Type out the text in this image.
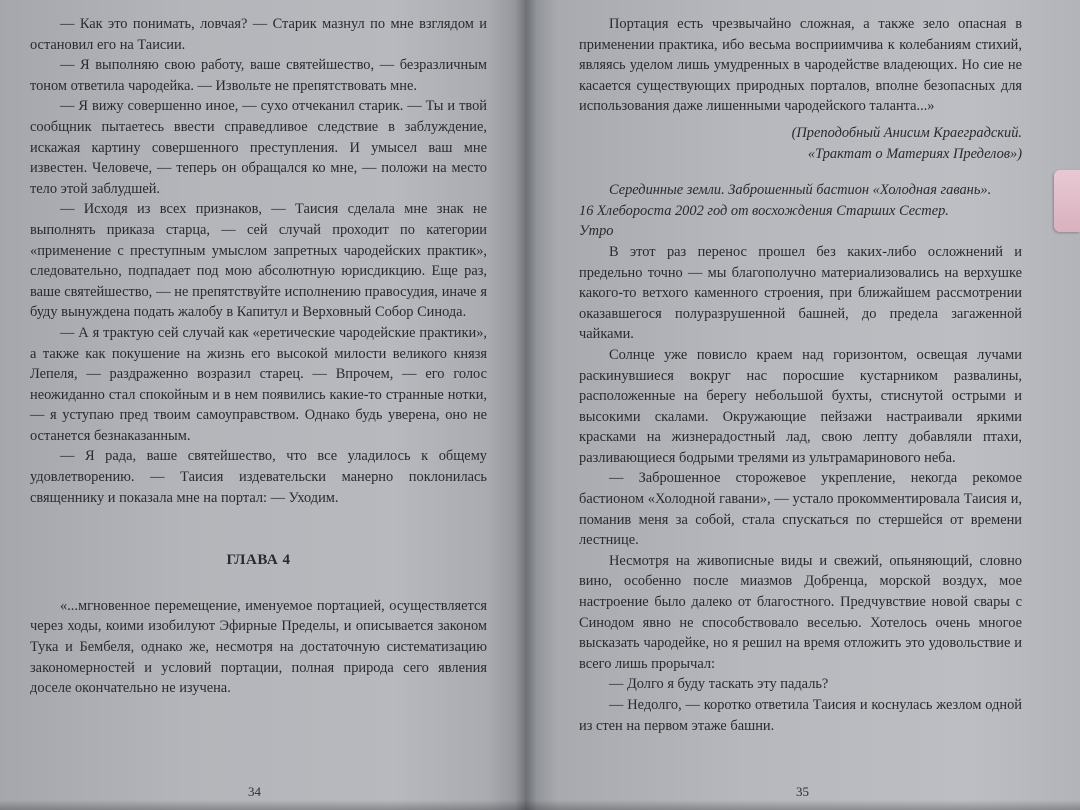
— Как это понимать, ловчая? — Старик мазнул по мне взглядом и остановил его на Таисии.

— Я выполняю свою работу, ваше святейшество, — безразличным тоном ответила чародейка. — Извольте не препятствовать мне.

— Я вижу совершенно иное, — сухо отчеканил старик. — Ты и твой сообщник пытаетесь ввести справедливое следствие в заблуждение, искажая картину совершенного преступления. И умысел ваш мне известен. Человече, — теперь он обращался ко мне, — положи на место тело этой заблудшей.

— Исходя из всех признаков, — Таисия сделала мне знак не выполнять приказа старца, — сей случай проходит по категории «применение с преступным умыслом запретных чародейских практик», следовательно, подпадает под мою абсолютную юрисдикцию. Еще раз, ваше святейшество, — не препятствуйте исполнению правосудия, иначе я буду вынуждена подать жалобу в Капитул и Верховный Собор Синода.

— А я трактую сей случай как «еретические чародейские практики», а также как покушение на жизнь его высокой милости великого князя Лепеля, — раздраженно возразил старец. — Впрочем, — его голос неожиданно стал спокойным и в нем появились какие-то странные нотки, — я уступаю пред твоим самоуправством. Однако будь уверена, оно не останется безнаказанным.

— Я рада, ваше святейшество, что все уладилось к общему удовлетворению. — Таисия издевательски манерно поклонилась священнику и показала мне на портал: — Уходим.

ГЛАВА 4

«...мгновенное перемещение, именуемое портацией, осуществляется через ходы, коими изобилуют Эфирные Пределы, и описывается законом Тука и Бембеля, однако же, несмотря на достаточную систематизацию закономерностей и условий портации, полная природа сего явления доселе окончательно не изучена.

Портация есть чрезвычайно сложная, а также зело опасная в применении практика, ибо весьма восприимчива к колебаниям стихий, являясь уделом лишь умудренных в чародействе владеющих. Но сие не касается существующих природных порталов, вполне безопасных для использования даже лишенными чародейского таланта...»

(Преподобный Анисим Краеградский.

«Трактат о Материях Пределов»)

Серединные земли. Заброшенный бастион «Холодная гавань».

16 Хлебороста 2002 год от восхождения Старших Сестер.

Утро

В этот раз перенос прошел без каких-либо осложнений и предельно точно — мы благополучно материализовались на верхушке какого-то ветхого каменного строения, при ближайшем рассмотрении оказавшегося полуразрушенной башней, до предела загаженной чайками.

Солнце уже повисло краем над горизонтом, освещая лучами раскинувшиеся вокруг нас поросшие кустарником развалины, расположенные на берегу небольшой бухты, стиснутой острыми и высокими скалами. Окружающие пейзажи настраивали яркими красками на жизнерадостный лад, свою лепту добавляли птахи, разливающиеся бодрыми трелями из ультрамаринового неба.

— Заброшенное сторожевое укрепление, некогда рекомое бастионом «Холодной гавани», — устало прокомментировала Таисия и, поманив меня за собой, стала спускаться по стершейся от времени лестнице.

Несмотря на живописные виды и свежий, опьяняющий, словно вино, особенно после миазмов Добренца, морской воздух, мое настроение было далеко от благостного. Предчувствие новой свары с Синодом явно не способствовало веселью. Хотелось очень многое высказать чародейке, но я решил на время отложить это удовольствие и всего лишь прорычал:

— Долго я буду таскать эту падаль?

— Недолго, — коротко ответила Таисия и коснулась жезлом одной из стен на первом этаже башни.

34	35
